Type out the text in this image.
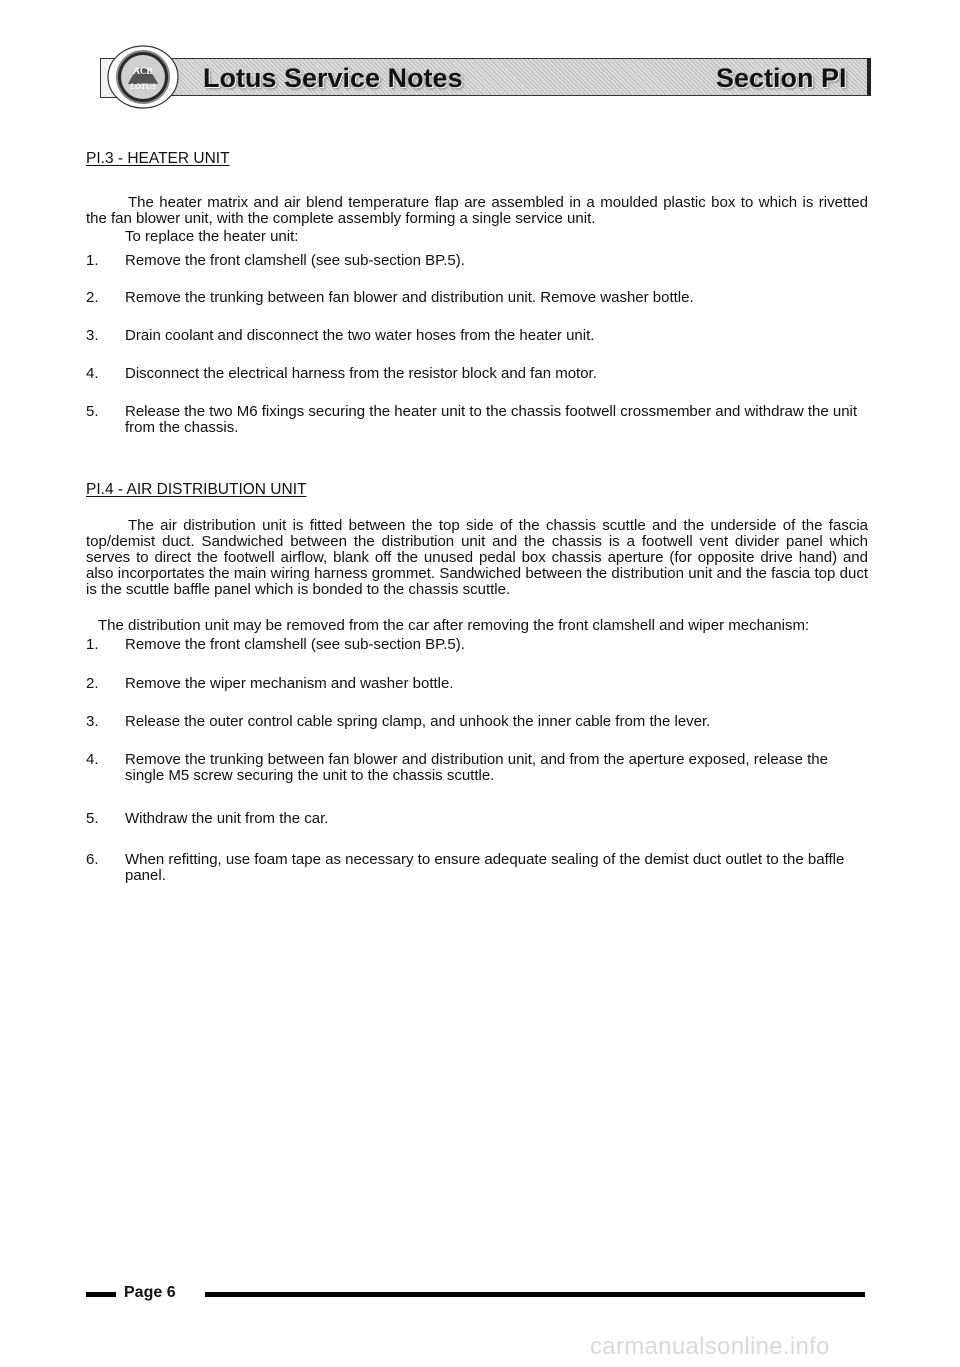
ACB
LOTUS Lotus Service Notes	Section PI
PI.3 - HEATER UNIT
The heater matrix and air blend temperature flap are assembled in a moulded plastic box to which is rivetted the fan blower unit, with the complete assembly forming a single service unit.
To replace the heater unit:
1. Remove the front clamshell (see sub-section BP.5).
2. Remove the trunking between fan blower and distribution unit. Remove washer bottle.
3. Drain coolant and disconnect the two water hoses from the heater unit.
4. Disconnect the electrical harness from the resistor block and fan motor.
5. Release the two M6 fixings securing the heater unit to the chassis footwell crossmember and withdraw the unit from the chassis.
PI.4 - AIR DISTRIBUTION UNIT
The air distribution unit is fitted between the top side of the chassis scuttle and the underside of the fascia top/demist duct. Sandwiched between the distribution unit and the chassis is a footwell vent divider panel which serves to direct the footwell airflow, blank off the unused pedal box chassis aperture (for opposite drive hand) and also incorportates the main wiring harness grommet. Sandwiched between the distribution unit and the fascia top duct is the scuttle baffle panel which is bonded to the chassis scuttle.
The distribution unit may be removed from the car after removing the front clamshell and wiper mechanism:
1. Remove the front clamshell (see sub-section BP.5).
2. Remove the wiper mechanism and washer bottle.
3. Release the outer control cable spring clamp, and unhook the inner cable from the lever.
4. Remove the trunking between fan blower and distribution unit, and from the aperture exposed, release the single M5 screw securing the unit to the chassis scuttle.
5. Withdraw the unit from the car.
6. When refitting, use foam tape as necessary to ensure adequate sealing of the demist duct outlet to the baffle panel.
Page 6
carmanualsonline.info
